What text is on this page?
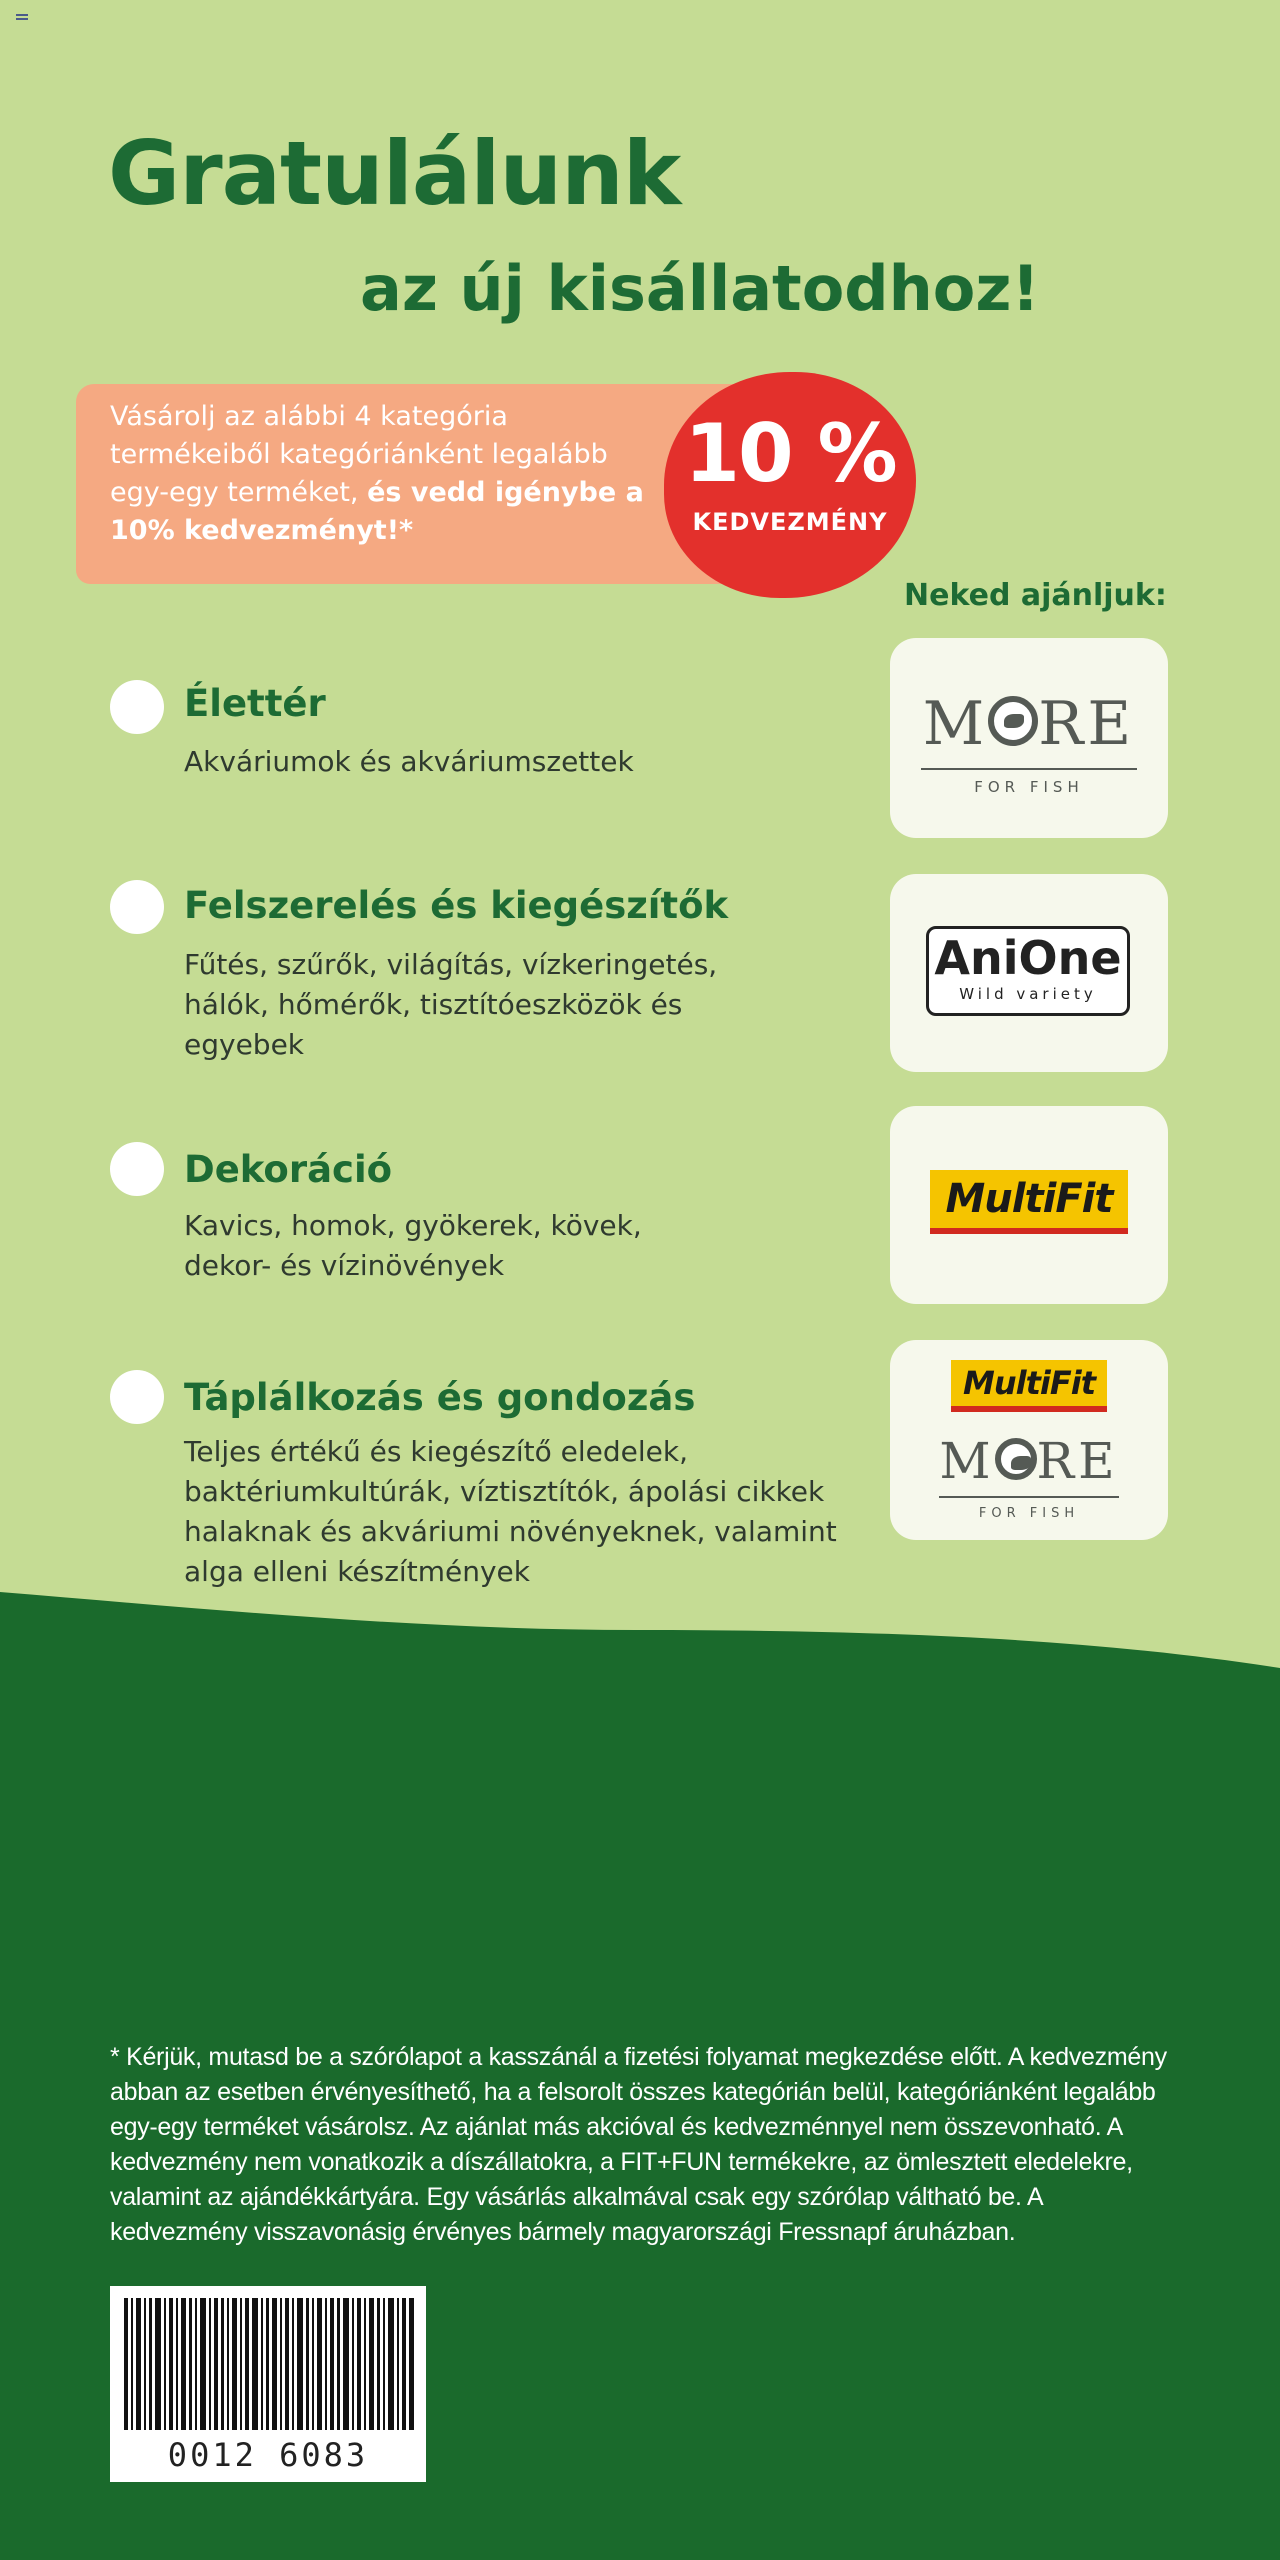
Gratulálunk
az új kisállatodhoz!
Vásárolj az alábbi 4 kategória termékeiből kategóriánként legalább egy-egy terméket, és vedd igénybe a 10% kedvezményt!*
10 %
KEDVEZMÉNY
Neked ajánljuk:
Élettér
Akváriumok és akváriumszettek
Felszerelés és kiegészítők
Fűtés, szűrők, világítás, vízkeringetés, hálók, hőmérők, tisztítóeszközök és egyebek
Dekoráció
Kavics, homok, gyökerek, kövek, dekor- és vízinövények
Táplálkozás és gondozás
Teljes értékű és kiegészítő eledelek, baktériumkultúrák, víztisztítók, ápolási cikkek halaknak és akváriumi növényeknek, valamint alga elleni készítmények
M RE
FOR FISH
AniOne
Wild variety
MultiFit
MultiFit
M RE
FOR FISH
* Kérjük, mutasd be a szórólapot a kasszánál a fizetési folyamat megkezdése előtt. A kedvezmény abban az esetben érvényesíthető, ha a felsorolt összes kategórián belül, kategóriánként legalább egy-egy terméket vásárolsz. Az ajánlat más akcióval és kedvezménnyel nem összevonható. A kedvezmény nem vonatkozik a díszállatokra, a FIT+FUN termékekre, az ömlesztett eledelekre, valamint az ajándékkártyára. Egy vásárlás alkalmával csak egy szórólap váltható be. A kedvezmény visszavonásig érvényes bármely magyarországi Fressnapf áruházban.
0012 6083
